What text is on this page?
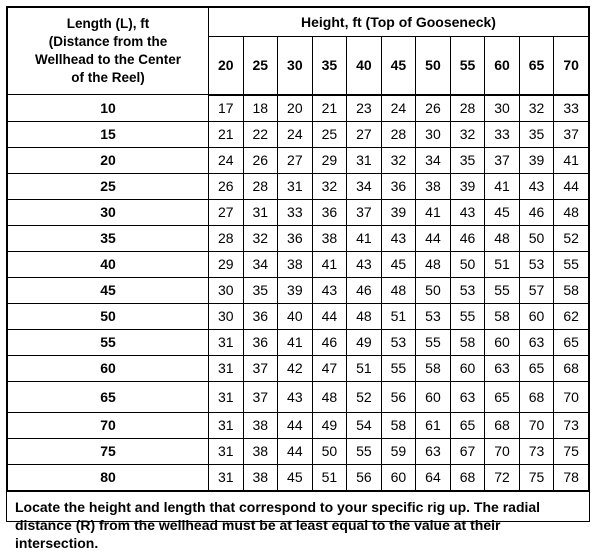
Length (L), ft
(Distance from the
Wellhead to the Center
of the Reel)	Height, ft (Top of Gooseneck)										
	20	25	30	35	40	45	50	55	60	65	70
10	17	18	20	21	23	24	26	28	30	32	33
15	21	22	24	25	27	28	30	32	33	35	37
20	24	26	27	29	31	32	34	35	37	39	41
25	26	28	31	32	34	36	38	39	41	43	44
30	27	31	33	36	37	39	41	43	45	46	48
35	28	32	36	38	41	43	44	46	48	50	52
40	29	34	38	41	43	45	48	50	51	53	55
45	30	35	39	43	46	48	50	53	55	57	58
50	30	36	40	44	48	51	53	55	58	60	62
55	31	36	41	46	49	53	55	58	60	63	65
60	31	37	42	47	51	55	58	60	63	65	68
65	31	37	43	48	52	56	60	63	65	68	70
70	31	38	44	49	54	58	61	65	68	70	73
75	31	38	44	50	55	59	63	67	70	73	75
80	31	38	45	51	56	60	64	68	72	75	78
Locate the height and length that correspond to your specific rig up. The radial distance (R) from the wellhead must be at least equal to the value at their intersection.
